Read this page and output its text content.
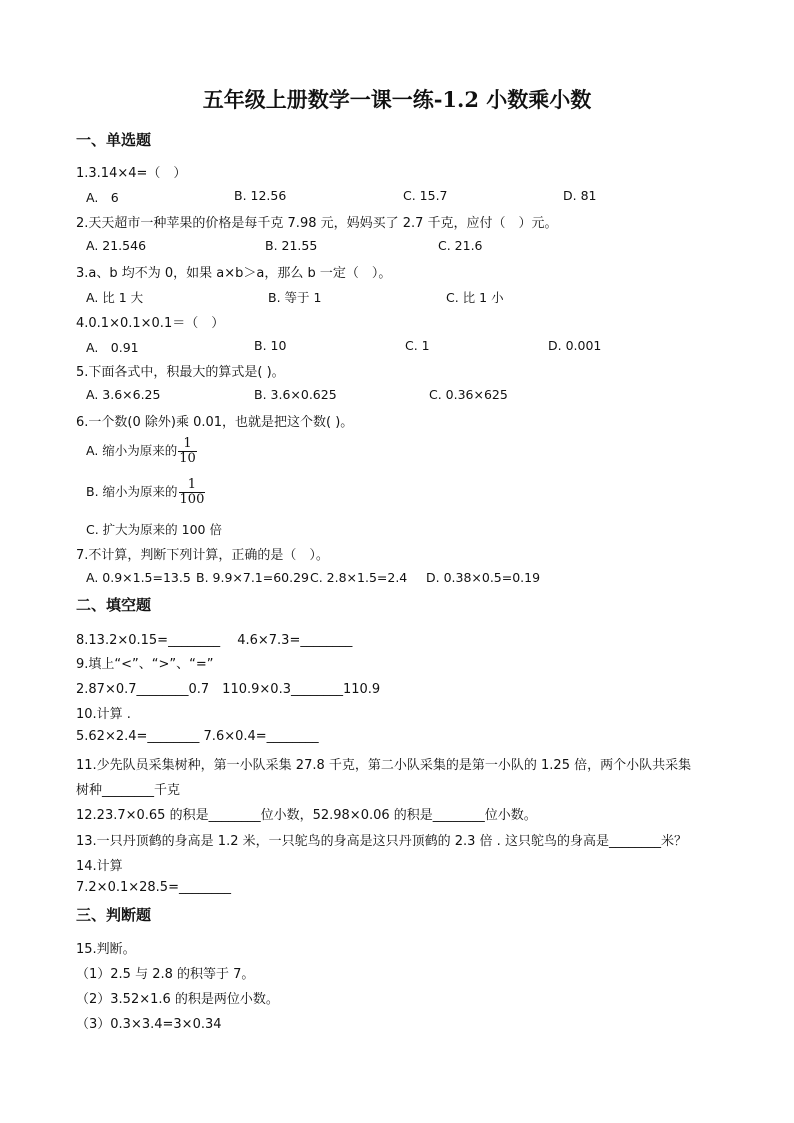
五年级上册数学一课一练-1.2 小数乘小数
一、单选题
1.3.14×4=（　）
A.　6	B. 12.56	C. 15.7	D. 81
2.天天超市一种苹果的价格是每千克 7.98 元，妈妈买了 2.7 千克，应付（　）元。
A. 21.546	B. 21.55	C. 21.6
3.a、b 均不为 0，如果 a×b＞a，那么 b 一定（　）。
A. 比 1 大	B. 等于 1	C. 比 1 小
4.0.1×0.1×0.1＝（　）
A.　0.91	B. 10	C. 1	D. 0.001
5.下面各式中，积最大的算式是( )。
A. 3.6×6.25	B. 3.6×0.625	C. 0.36×625
6.一个数(0 除外)乘 0.01，也就是把这个数( )。
A. 缩小为原来的 $\frac{1}{10}$
B. 缩小为原来的 $\frac{1}{100}$
C. 扩大为原来的 100 倍
7.不计算，判断下列计算，正确的是（　）。
A. 0.9×1.5=13.5 B. 9.9×7.1=60.29 C. 2.8×1.5=2.4 D. 0.38×0.5=0.19
二、填空题
8.13.2×0.15=________　 4.6×7.3=________
9.填上“<”、“>”、“=”
2.87×0.7________0.7　110.9×0.3________110.9
10.计算 .
5.62×2.4=________ 7.6×0.4=________
11.少先队员采集树种，第一小队采集 27.8 千克，第二小队采集的是第一小队的 1.25 倍，两个小队共采集
树种________千克
12.23.7×0.65 的积是________位小数，52.98×0.06 的积是________位小数。
13.一只丹顶鹤的身高是 1.2 米，一只鸵鸟的身高是这只丹顶鹤的 2.3 倍 . 这只鸵鸟的身高是________米？
14.计算
7.2×0.1×28.5=________
三、判断题
15.判断。
（1）2.5 与 2.8 的积等于 7。
（2）3.52×1.6 的积是两位小数。
（3）0.3×3.4=3×0.34
